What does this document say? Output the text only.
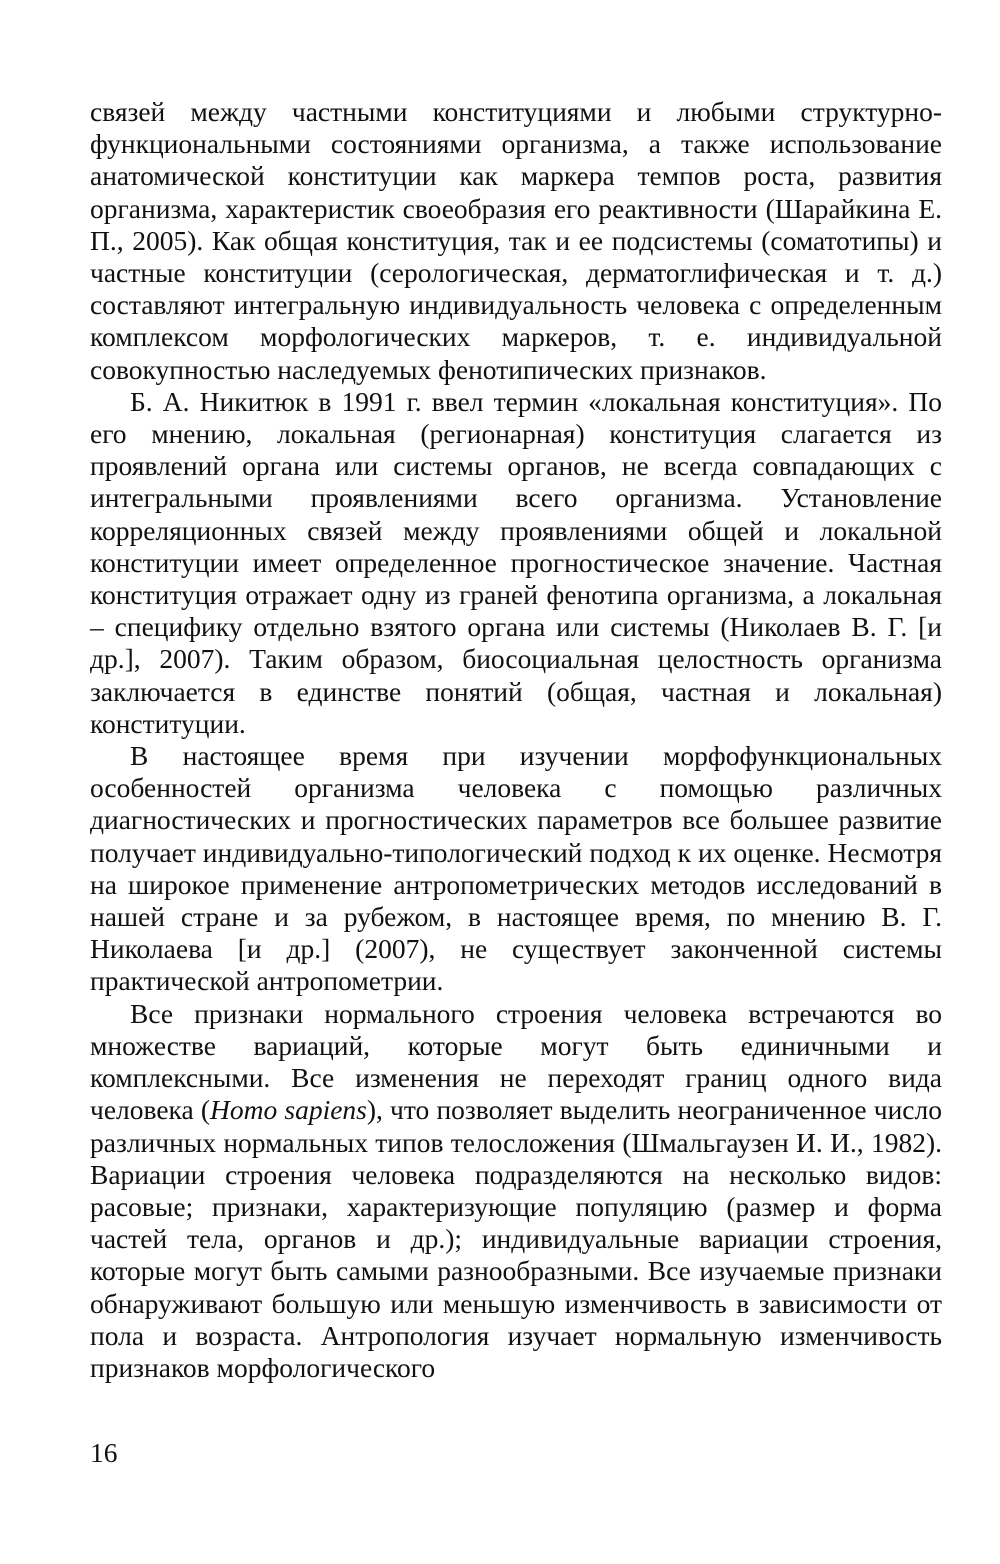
связей между частными конституциями и любыми структурно-функциональными состояниями организма, а также использование анатомической конституции как маркера темпов роста, развития организма, характеристик своеобразия его реактивности (Шарайкина Е. П., 2005). Как общая конституция, так и ее подсистемы (соматотипы) и частные конституции (серологическая, дерматоглифическая и т. д.) составляют интегральную индивидуальность человека с определенным комплексом морфологических маркеров, т. е. индивидуальной совокупностью наследуемых фенотипических признаков.

Б. А. Никитюк в 1991 г. ввел термин «локальная конституция». По его мнению, локальная (регионарная) конституция слагается из проявлений органа или системы органов, не всегда совпадающих с интегральными проявлениями всего организма. Установление корреляционных связей между проявлениями общей и локальной конституции имеет определенное прогностическое значение. Частная конституция отражает одну из граней фенотипа организма, а локальная – специфику отдельно взятого органа или системы (Николаев В. Г. [и др.], 2007). Таким образом, биосоциальная целостность организма заключается в единстве понятий (общая, частная и локальная) конституции.

В настоящее время при изучении морфофункциональных особенностей организма человека с помощью различных диагностических и прогностических параметров все большее развитие получает индивидуально-типологический подход к их оценке. Несмотря на широкое применение антропометрических методов исследований в нашей стране и за рубежом, в настоящее время, по мнению В. Г. Николаева [и др.] (2007), не существует законченной системы практической антропометрии.

Все признаки нормального строения человека встречаются во множестве вариаций, которые могут быть единичными и комплексными. Все изменения не переходят границ одного вида человека (Homo sapiens), что позволяет выделить неограниченное число различных нормальных типов телосложения (Шмальгаузен И. И., 1982). Вариации строения человека подразделяются на несколько видов: расовые; признаки, характеризующие популяцию (размер и форма частей тела, органов и др.); индивидуальные вариации строения, которые могут быть самыми разнообразными. Все изучаемые признаки обнаруживают большую или меньшую изменчивость в зависимости от пола и возраста. Антропология изучает нормальную изменчивость признаков морфологического

16
